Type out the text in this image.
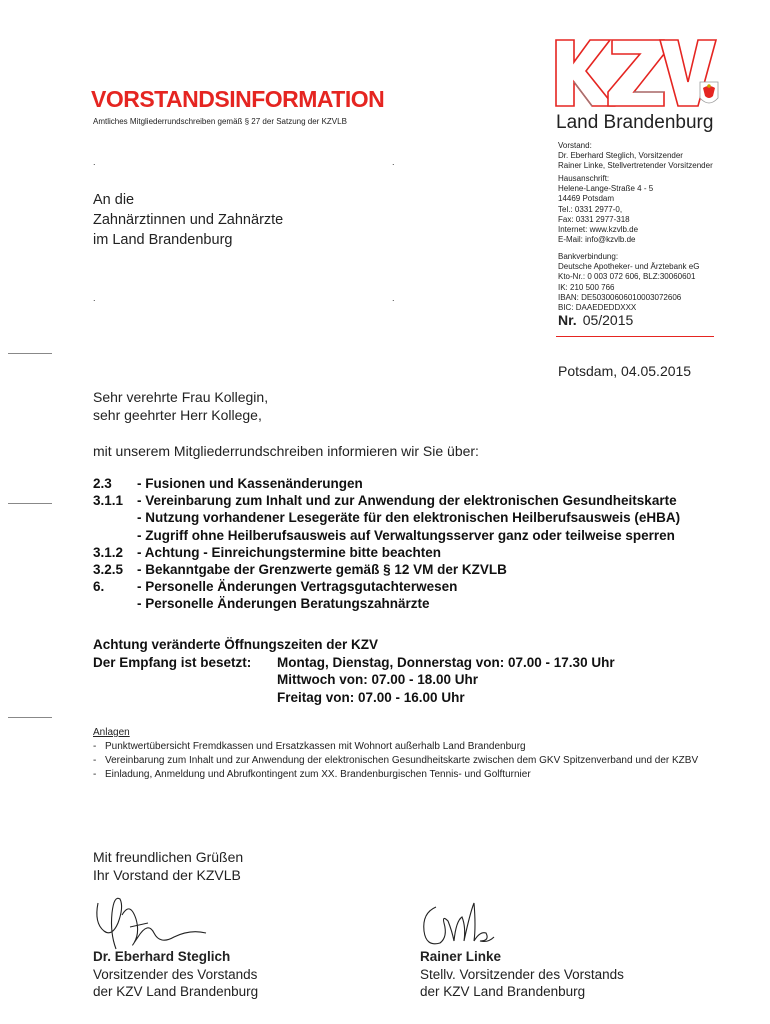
Land Brandenburg
VORSTANDSINFORMATION
Amtliches Mitgliederrundschreiben gemäß § 27 der Satzung der KZVLB
.	.
.	.
An die
Zahnärztinnen und Zahnärzte
im Land Brandenburg
Vorstand:
Dr. Eberhard Steglich, Vorsitzender
Rainer Linke, Stellvertretender Vorsitzender
Hausanschrift:
Helene-Lange-Straße 4 - 5
14469 Potsdam
Tel.: 0331 2977-0,
Fax: 0331 2977-318
Internet: www.kzvlb.de
E-Mail: info@kzvlb.de
Bankverbindung:
Deutsche Apotheker- und Ärztebank eG
Kto-Nr.: 0 003 072 606, BLZ:30060601
IK: 210 500 766
IBAN: DE50300606010003072606
BIC: DAAEDEDDXXX
Nr. 05/2015
Potsdam, 04.05.2015
Sehr verehrte Frau Kollegin,
sehr geehrter Herr Kollege,
mit unserem Mitgliederrundschreiben informieren wir Sie über:
2.3	- Fusionen und Kassenänderungen
3.1.1	- Vereinbarung zum Inhalt und zur Anwendung der elektronischen Gesundheitskarte
- Nutzung vorhandener Lesegeräte für den elektronischen Heilberufsausweis (eHBA)
- Zugriff ohne Heilberufsausweis auf Verwaltungsserver ganz oder teilweise sperren
3.1.2	- Achtung - Einreichungstermine bitte beachten
3.2.5	- Bekanntgabe der Grenzwerte gemäß § 12 VM der KZVLB
6.	- Personelle Änderungen Vertragsgutachterwesen
- Personelle Änderungen Beratungszahnärzte
Achtung veränderte Öffnungszeiten der KZV
Der Empfang ist besetzt:	Montag, Dienstag, Donnerstag von: 07.00 - 17.30 Uhr
Mittwoch von: 07.00 - 18.00 Uhr
Freitag von: 07.00 - 16.00 Uhr
Anlagen
- Punktwertübersicht Fremdkassen und Ersatzkassen mit Wohnort außerhalb Land Brandenburg
- Vereinbarung zum Inhalt und zur Anwendung der elektronischen Gesundheitskarte zwischen dem GKV Spitzenverband und der KZBV
- Einladung, Anmeldung und Abrufkontingent zum XX. Brandenburgischen Tennis- und Golfturnier
Mit freundlichen Grüßen
Ihr Vorstand der KZVLB
Dr. Eberhard Steglich
Vorsitzender des Vorstands
der KZV Land Brandenburg
Rainer Linke
Stellv. Vorsitzender des Vorstands
der KZV Land Brandenburg
